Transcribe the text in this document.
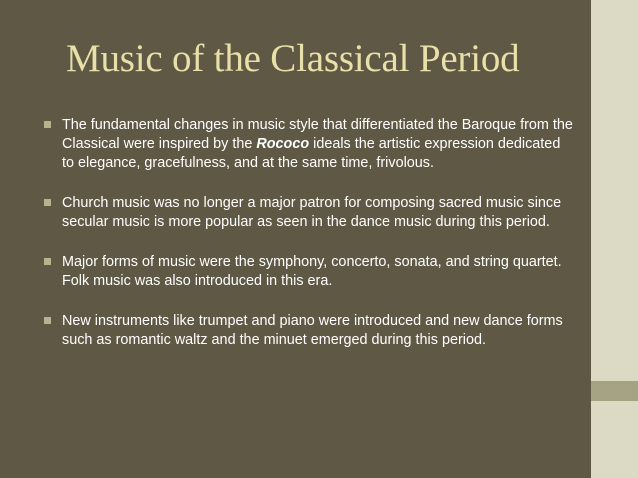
Music of the Classical Period
The fundamental changes in music style that differentiated the Baroque from the Classical were inspired by the Rococo ideals the artistic expression dedicated to elegance, gracefulness, and at the same time, frivolous.
Church music was no longer a major patron for composing sacred music since secular music is more popular as seen in the dance music during this period.
Major forms of music were the symphony, concerto, sonata, and string quartet. Folk music was also introduced in this era.
New instruments like trumpet and piano were introduced and new dance forms such as romantic waltz and the minuet emerged during this period.
